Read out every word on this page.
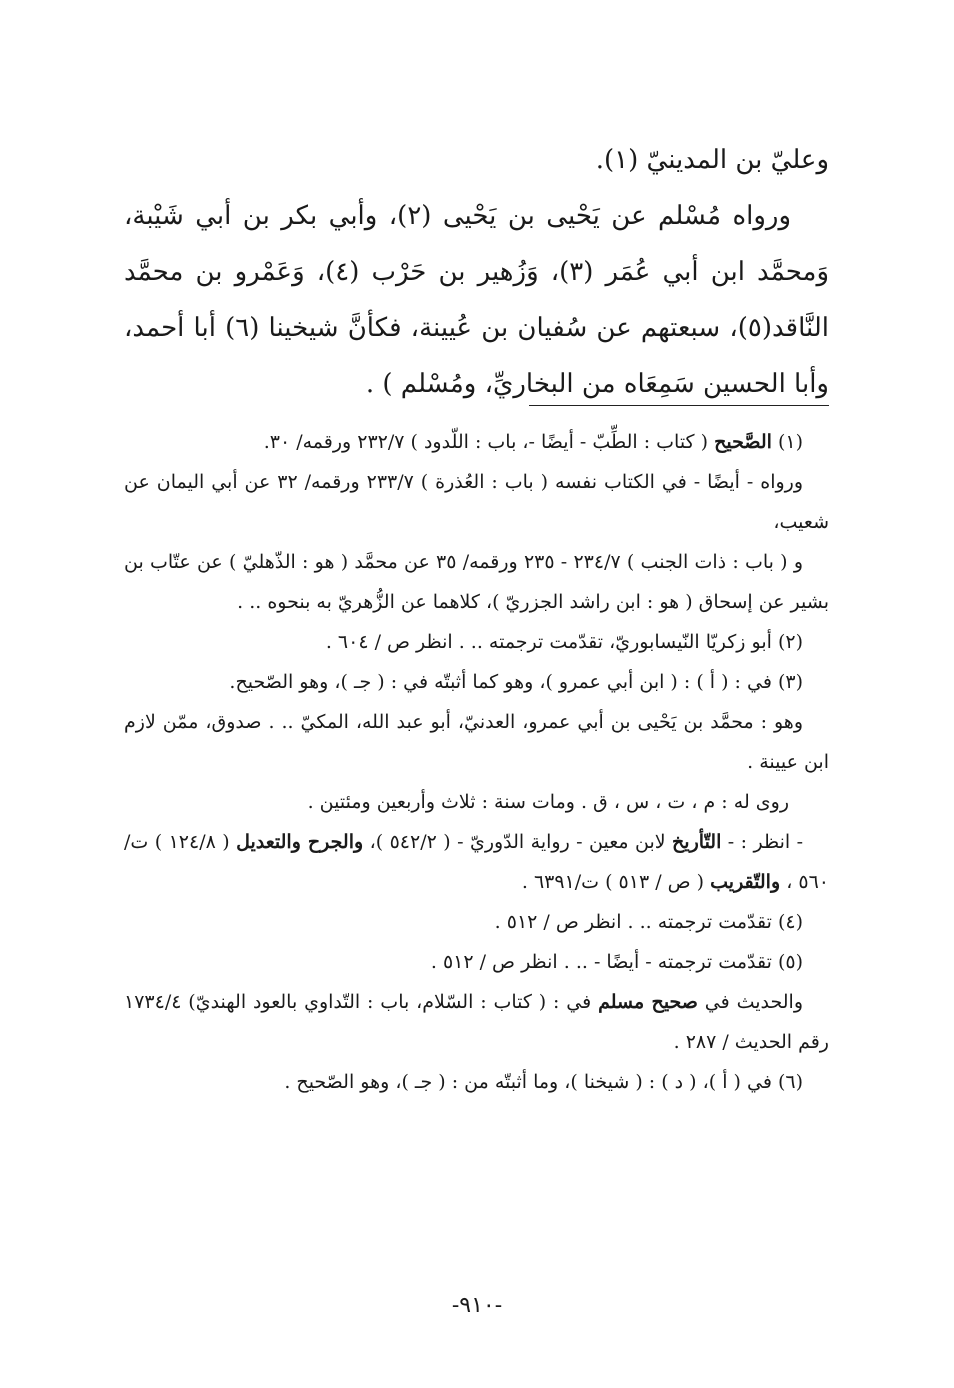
وعليّ بن المدينيّ (١).

ورواه مُسْلم عن يَحْيى بن يَحْيى (٢)، وأبي بكر بن أبي شَيْبة، وَمحمَّد ابن أبي عُمَر (٣)، وَزُهير بن حَرْب (٤)، وَعَمْرو بن محمَّد النَّاقد(٥)، سبعتهم عن سُفيان بن عُيينة، فكأنَّ شيخينا (٦) أبا أحمد، وأبا الحسين سَمِعَاه من البخاريِّ، ومُسْلم ) .

(١) الصَّحيح ( كتاب : الطِّبّ - أيضًا -، باب : اللّدود ) ٢٣٢/٧ ورقمه/ ٣٠.

ورواه - أيضًا - في الكتاب نفسه ( باب : العُذرة ) ٢٣٣/٧ ورقمه/ ٣٢ عن أبي اليمان عن شعيب،

و ( باب : ذات الجنب ) ٢٣٤/٧ - ٢٣٥ ورقمه/ ٣٥ عن محمَّد ( هو : الذّهليّ ) عن عتّاب بن بشير عن إسحاق ( هو : ابن راشد الجزريّ )، كلاهما عن الزُّهريّ به بنحوه .. .

(٢) أبو زكريّا النّيسابوريّ، تقدّمت ترجمته .. . انظر ص / ٦٠٤ .

(٣) في : ( أ ) : ( ابن أبي عمرو )، وهو كما أثبتّه في : ( جـ )، وهو الصّحيح.

وهو : محمَّد بن يَحْيى بن أبي عمرو، العدنيّ، أبو عبد الله، المكيّ .. . صدوق، ممّن لازم ابن عيينة .

روى له : م ، ت ، س ، ق . ومات سنة : ثلاث وأربعين ومئتين .

- انظر : - التّأريخ لابن معين - رواية الدّوريّ - ( ٥٤٢/٢ )، والجرح والتعديل ( ١٢٤/٨ ) ت/٥٦٠ ، والتّقريب ( ص / ٥١٣ ) ت/٦٣٩١ .

(٤) تقدّمت ترجمته .. . انظر ص / ٥١٢ .

(٥) تقدّمت ترجمته - أيضًا - .. . انظر ص / ٥١٢ .

والحديث في صحيح مسلم في : ( كتاب : السّلام، باب : التّداوي بالعود الهنديّ) ١٧٣٤/٤ رقم الحديث / ٢٨٧ .

(٦) في ( أ )، ( د ) : ( شيخنا )، وما أثبتّه من : ( جـ )، وهو الصّحيح .

-٩١٠-
